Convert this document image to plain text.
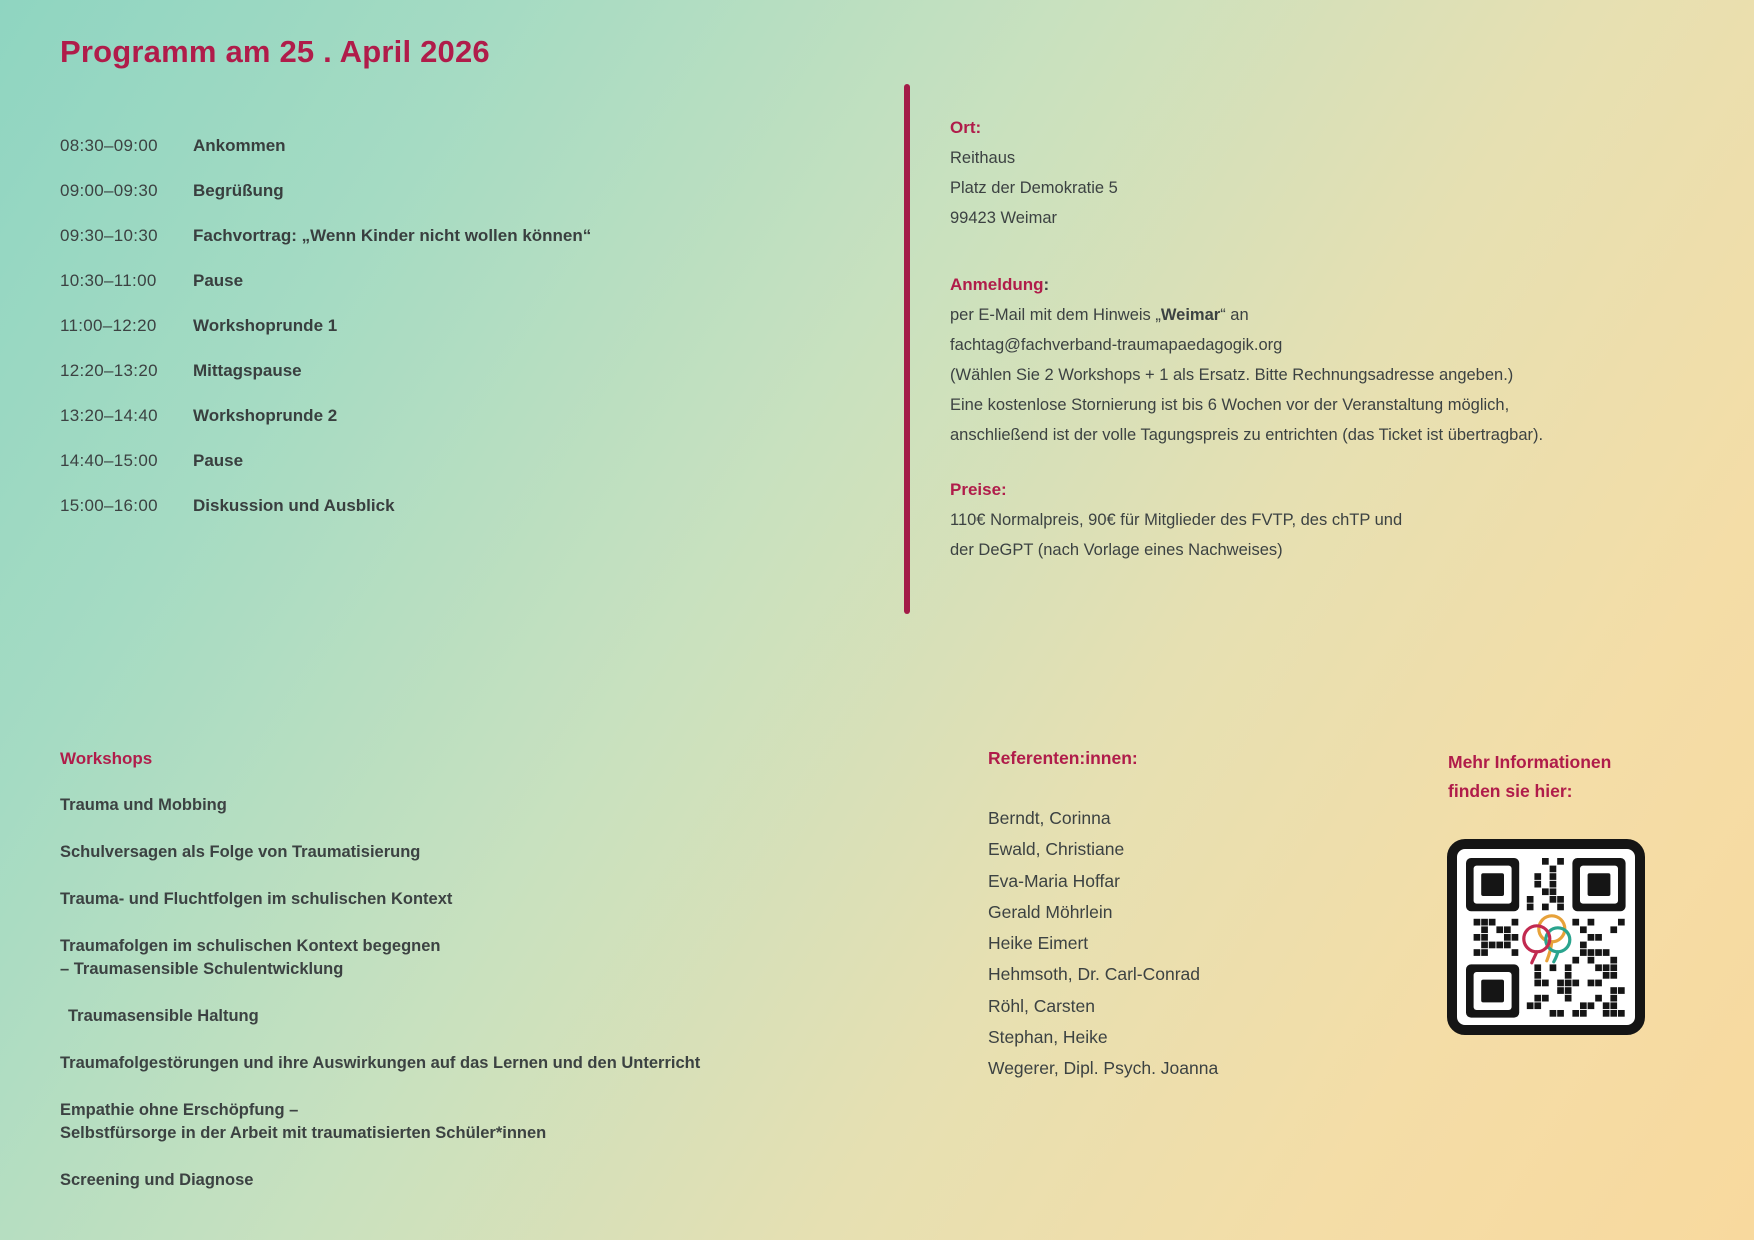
Programm am 25 . April 2026
08:30–09:00	Ankommen
09:00–09:30	Begrüßung
09:30–10:30	Fachvortrag: „Wenn Kinder nicht wollen können“
10:30–11:00	Pause
11:00–12:20	Workshoprunde 1
12:20–13:20	Mittagspause
13:20–14:40	Workshoprunde 2
14:40–15:00	Pause
15:00–16:00	Diskussion und Ausblick
Ort:
Reithaus
Platz der Demokratie 5
99423 Weimar
Anmeldung:
per E-Mail mit dem Hinweis „Weimar“ an
fachtag@fachverband-traumapaedagogik.org
(Wählen Sie 2 Workshops + 1 als Ersatz. Bitte Rechnungsadresse angeben.)
Eine kostenlose Stornierung ist bis 6 Wochen vor der Veranstaltung möglich,
anschließend ist der volle Tagungspreis zu entrichten (das Ticket ist übertragbar).
Preise:
110€ Normalpreis, 90€ für Mitglieder des FVTP, des chTP und
der DeGPT (nach Vorlage eines Nachweises)
Workshops
Trauma und Mobbing
Schulversagen als Folge von Traumatisierung
Trauma- und Fluchtfolgen im schulischen Kontext
Traumafolgen im schulischen Kontext begegnen
– Traumasensible Schulentwicklung
Traumasensible Haltung
Traumafolgestörungen und ihre Auswirkungen auf das Lernen und den Unterricht
Empathie ohne Erschöpfung –
Selbstfürsorge in der Arbeit mit traumatisierten Schüler*innen
Screening und Diagnose
Referenten:innen:
Berndt, Corinna
Ewald, Christiane
Eva-Maria Hoffar
Gerald Möhrlein
Heike Eimert
Hehmsoth, Dr. Carl-Conrad
Röhl, Carsten
Stephan, Heike
Wegerer, Dipl. Psych. Joanna
Mehr Informationen
finden sie hier:
